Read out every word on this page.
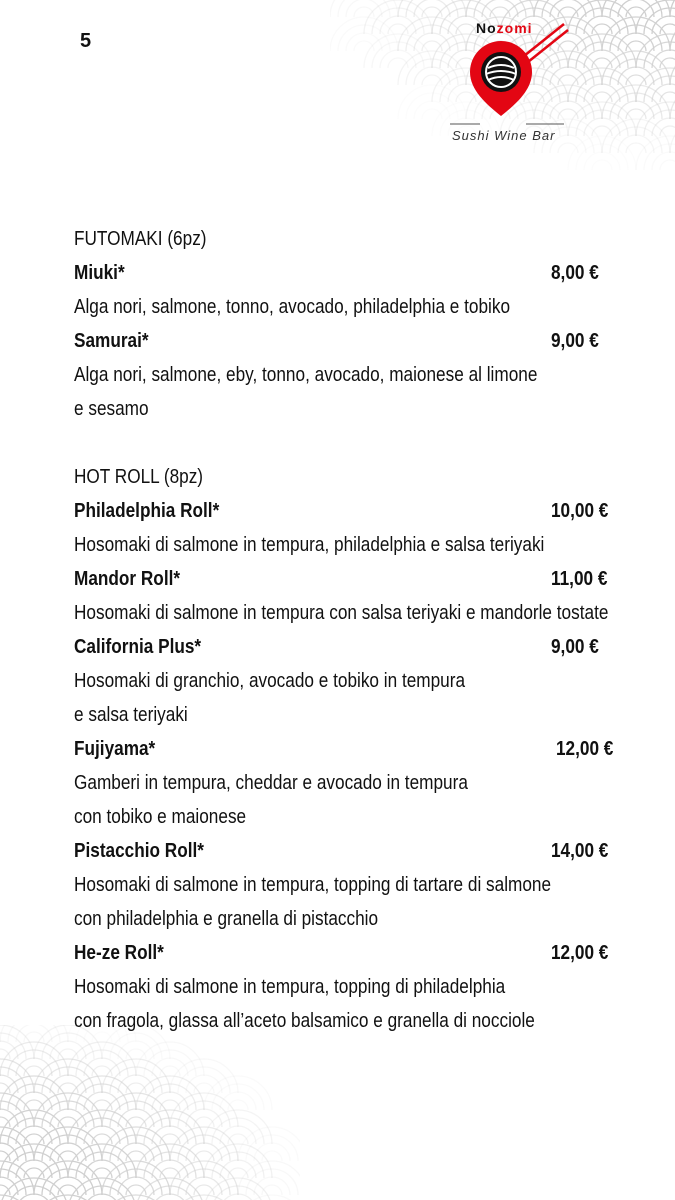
5
Nozomi
Sushi Wine Bar
FUTOMAKI (6pz)
Miuki*	8,00 €
Alga nori, salmone, tonno, avocado, philadelphia e tobiko
Samurai*	9,00 €
Alga nori, salmone, eby, tonno, avocado, maionese al limone
e sesamo
HOT ROLL (8pz)
Philadelphia Roll*	10,00 €
Hosomaki di salmone in tempura, philadelphia e salsa teriyaki
Mandor Roll*	11,00 €
Hosomaki di salmone in tempura con salsa teriyaki e mandorle tostate
California Plus*	9,00 €
Hosomaki di granchio, avocado e tobiko in tempura
e salsa teriyaki
Fujiyama*	12,00 €
Gamberi in tempura, cheddar e avocado in tempura
con tobiko e maionese
Pistacchio Roll*	14,00 €
Hosomaki di salmone in tempura, topping di tartare di salmone
con philadelphia e granella di pistacchio
He-ze Roll*	12,00 €
Hosomaki di salmone in tempura, topping di philadelphia
con fragola, glassa all’aceto balsamico e granella di nocciole
